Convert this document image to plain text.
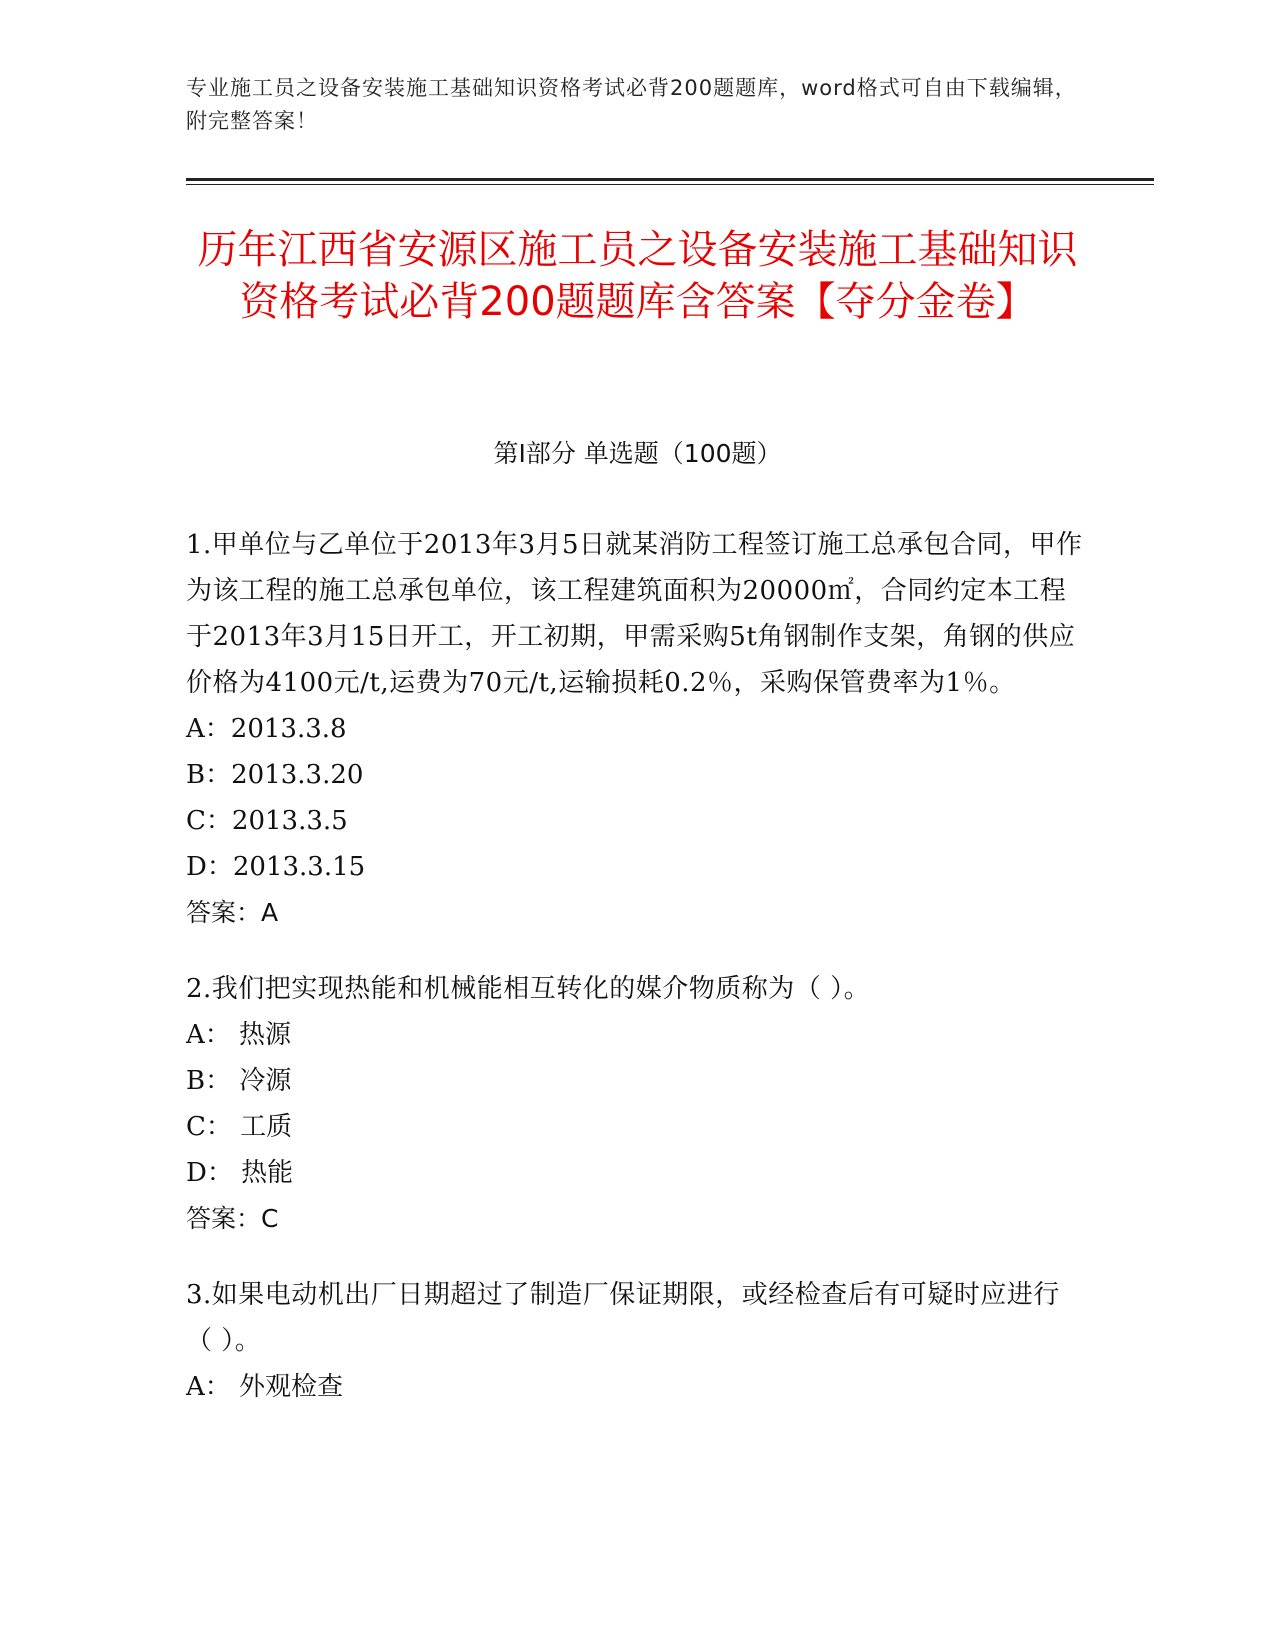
专业施工员之设备安装施工基础知识资格考试必背200题题库，word格式可自由下载编辑，附完整答案！
历年江西省安源区施工员之设备安装施工基础知识资格考试必背200题题库含答案【夺分金卷】
第I部分 单选题（100题）

1.甲单位与乙单位于2013年3月5日就某消防工程签订施工总承包合同，甲作为该工程的施工总承包单位，该工程建筑面积为20000㎡，合同约定本工程于2013年3月15日开工，开工初期，甲需采购5t角钢制作支架，角钢的供应价格为4100元/t,运费为70元/t,运输损耗0.2％，采购保管费率为1％。

A：2013.3.8

B：2013.3.20

C：2013.3.5

D：2013.3.15

答案：A

2.我们把实现热能和机械能相互转化的媒介物质称为（ ）。

A： 热源

B： 冷源

C： 工质

D： 热能

答案：C

3.如果电动机出厂日期超过了制造厂保证期限，或经检查后有可疑时应进行（ ）。

A： 外观检查
